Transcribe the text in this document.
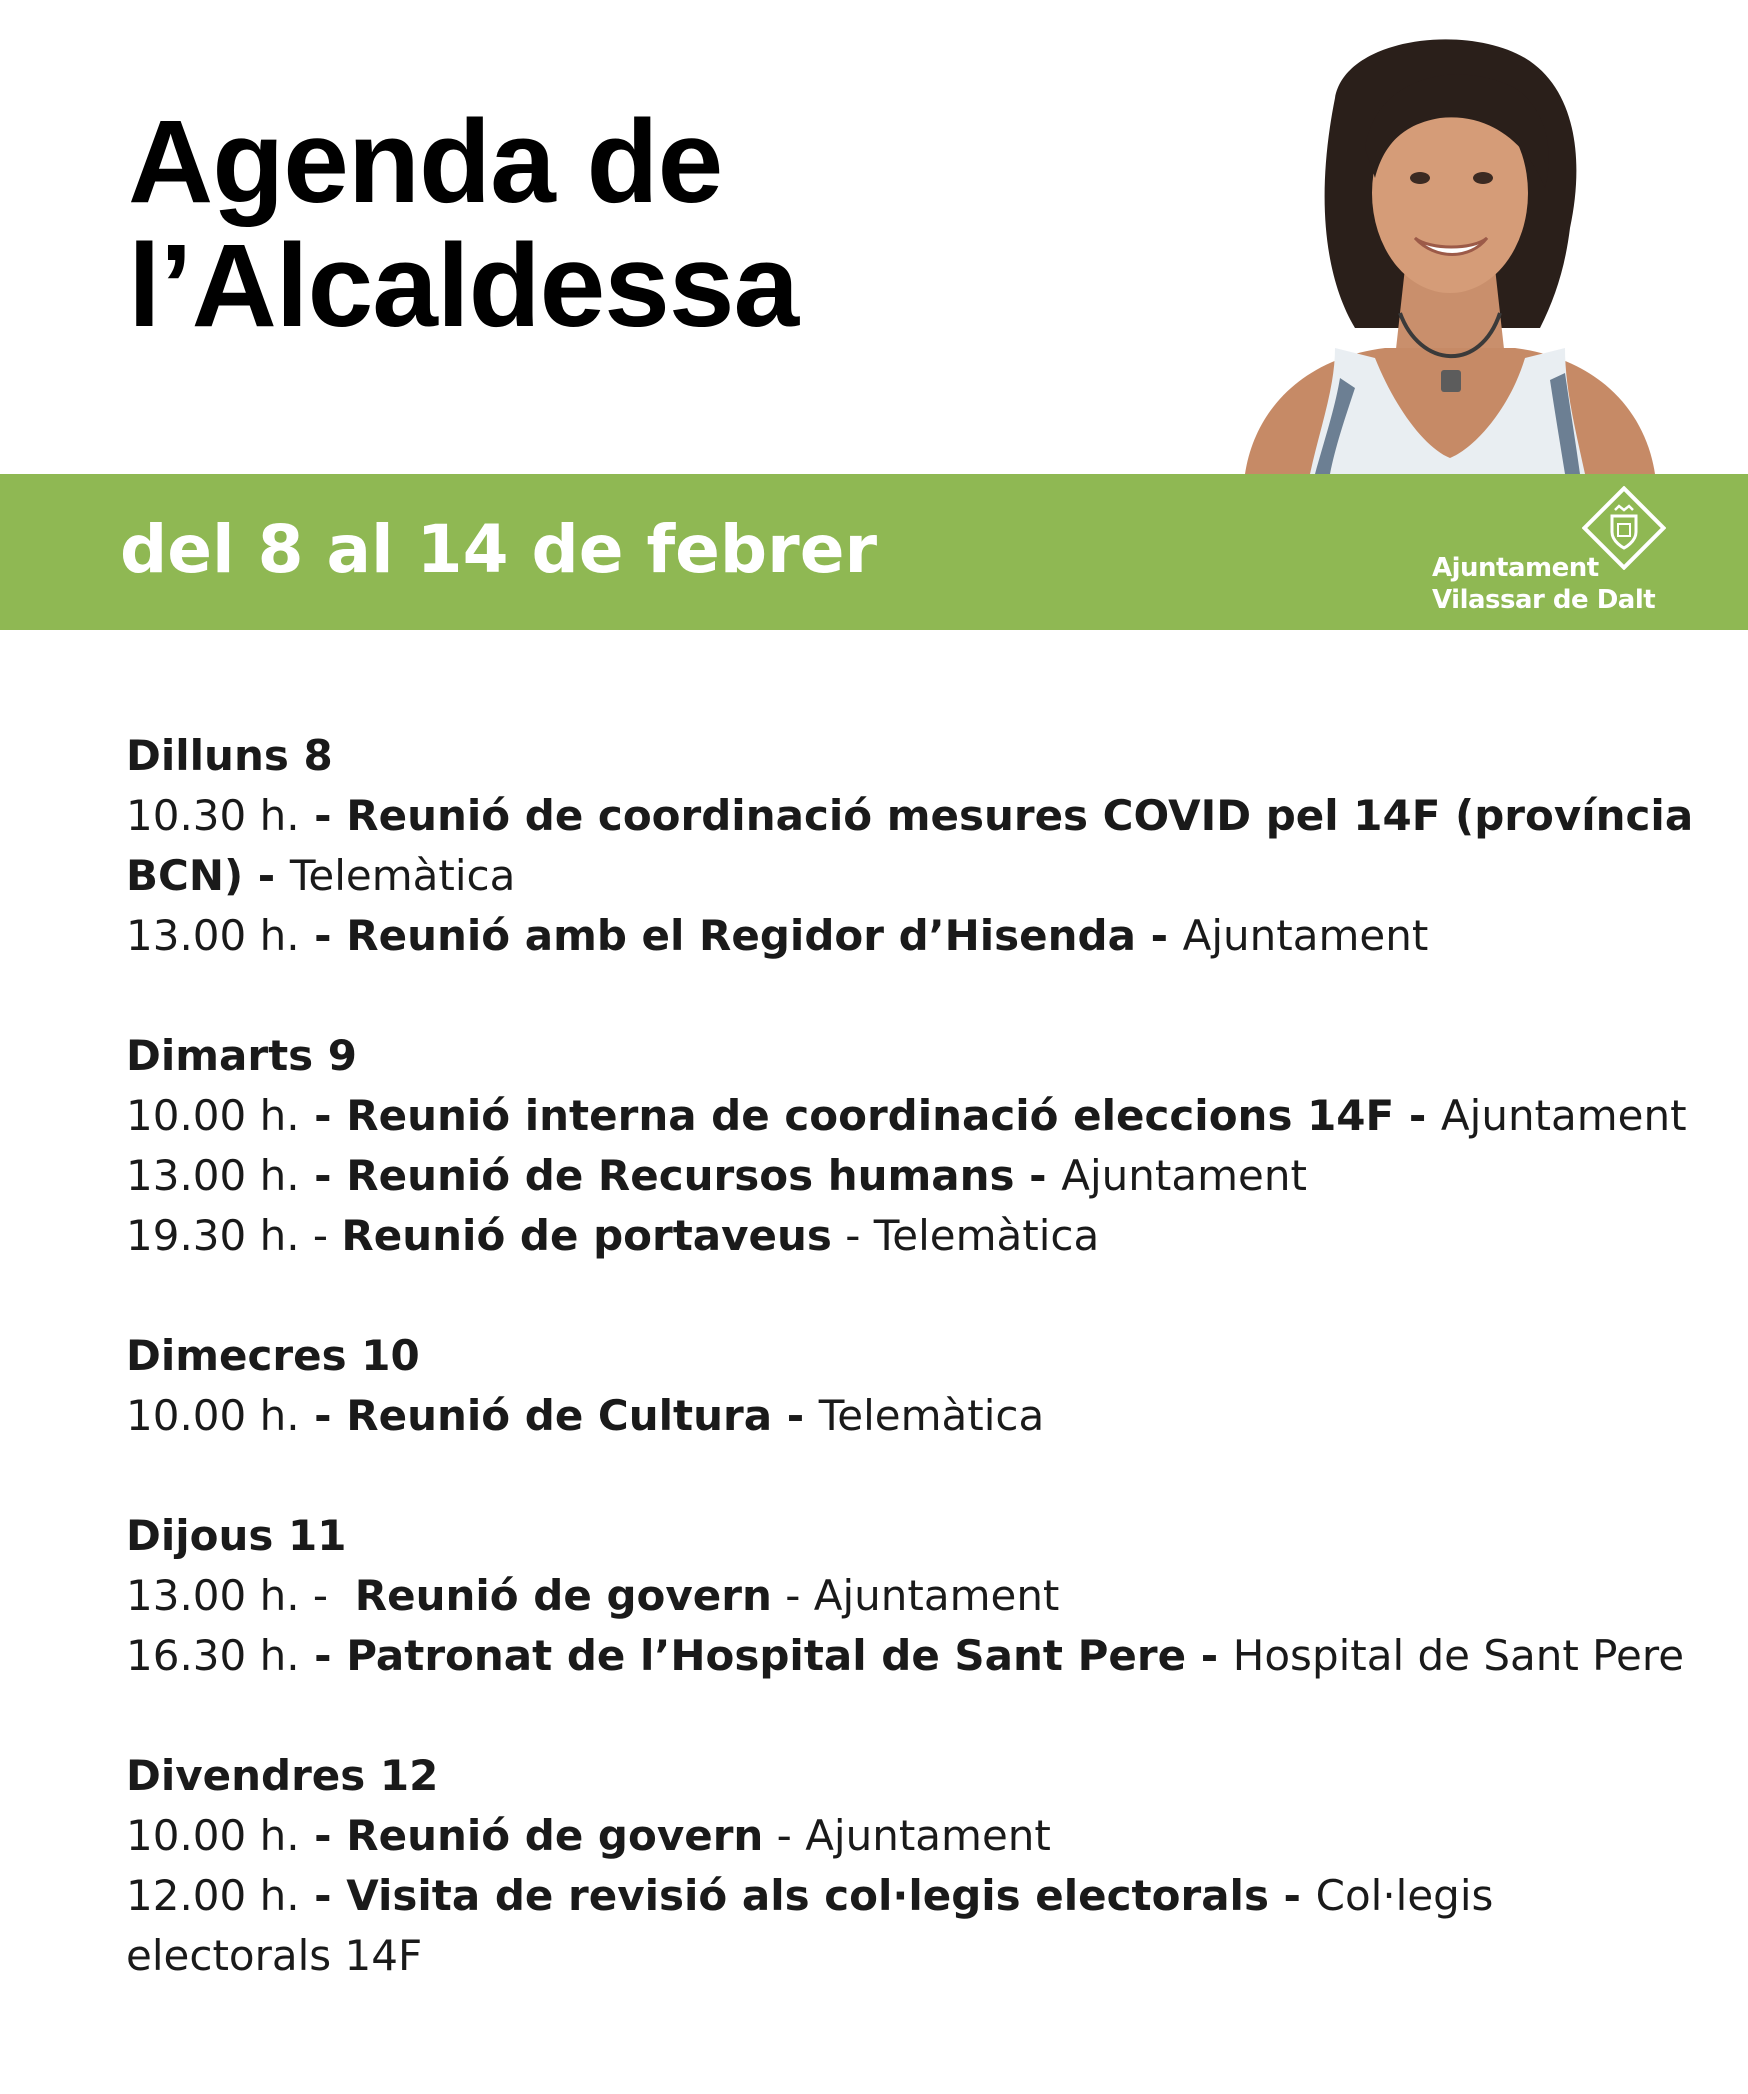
Agenda de
l’Alcaldessa
del 8 al 14 de febrer	Ajuntament
Vilassar de Dalt
Dilluns 8
10.30 h. - Reunió de coordinació mesures COVID pel 14F (província BCN) - Telemàtica
13.00 h. - Reunió amb el Regidor d’Hisenda - Ajuntament
Dimarts 9
10.00 h. - Reunió interna de coordinació eleccions 14F - Ajuntament
13.00 h. - Reunió de Recursos humans - Ajuntament
19.30 h. - Reunió de portaveus - Telemàtica
Dimecres 10
10.00 h. - Reunió de Cultura - Telemàtica
Dijous 11
13.00 h. -  Reunió de govern - Ajuntament
16.30 h. - Patronat de l’Hospital de Sant Pere - Hospital de Sant Pere
Divendres 12
10.00 h. - Reunió de govern - Ajuntament
12.00 h. - Visita de revisió als col·legis electorals - Col·legis electorals 14F
